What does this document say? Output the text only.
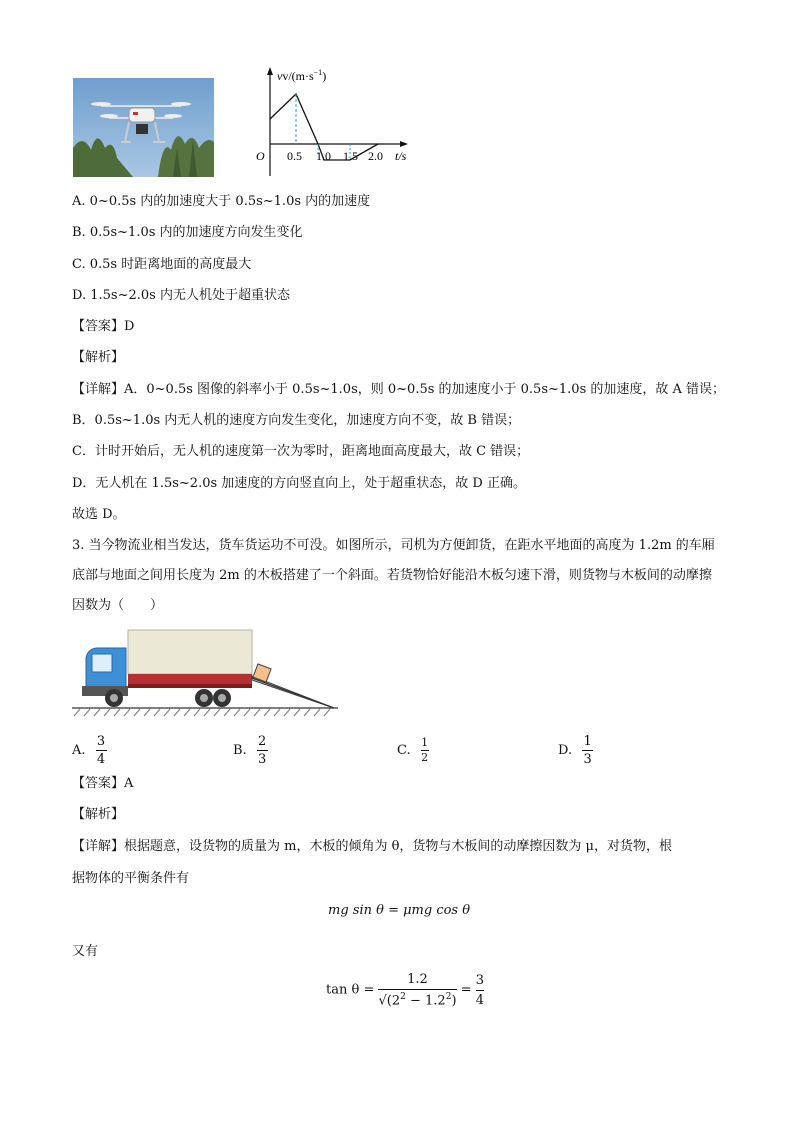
$vv/(m\cdot s^{-1})$
O 0.5 1.0 1.5 2.0 t/s
A. 0~0.5s 内的加速度大于 0.5s~1.0s 内的加速度
B. 0.5s~1.0s 内的加速度方向发生变化
C. 0.5s 时距离地面的高度最大
D. 1.5s~2.0s 内无人机处于超重状态
【答案】D
【解析】
【详解】A．0~0.5s 图像的斜率小于 0.5s~1.0s，则 0~0.5s 的加速度小于 0.5s~1.0s 的加速度，故 A 错误；
B．0.5s~1.0s 内无人机的速度方向发生变化，加速度方向不变，故 B 错误；
C．计时开始后，无人机的速度第一次为零时，距离地面高度最大，故 C 错误；
D．无人机在 1.5s~2.0s 加速度的方向竖直向上，处于超重状态，故 D 正确。
故选 D。
3. 当今物流业相当发达，货车货运功不可没。如图所示，司机为方便卸货，在距水平地面的高度为 1.2m 的车厢底部与地面之间用长度为 2m 的木板搭建了一个斜面。若货物恰好能沿木板匀速下滑，则货物与木板间的动摩擦因数为（　　）
A. $\frac{3}{4}$	B. $\frac{2}{3}$	C. $\frac{1}{2}$	D. $\frac{1}{3}$
【答案】A
【解析】
【详解】根据题意，设货物的质量为 m，木板的倾角为 θ，货物与木板间的动摩擦因数为 μ，对货物，根
据物体的平衡条件有
mg sin θ = μmg cos θ
又有
$\tan \theta = \frac{1.2}{√(2^2 - 1.2^2)} = \frac{3}{4}$
